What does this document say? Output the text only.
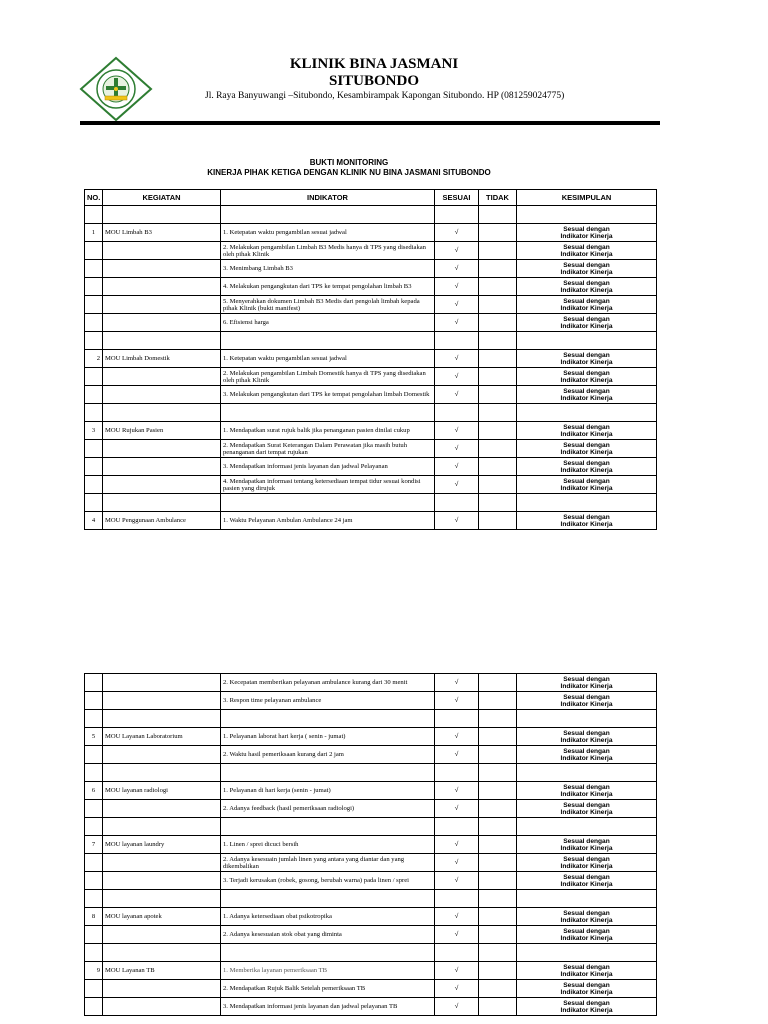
KLINIK BINA JASMANI
SITUBONDO
Jl. Raya Banyuwangi –Situbondo, Kesambirampak Kapongan Situbondo. HP (081259024775)
BUKTI MONITORING
KINERJA PIHAK KETIGA DENGAN KLINIK NU BINA JASMANI SITUBONDO
NO.	KEGIATAN	INDIKATOR	SESUAI	TIDAK	KESIMPULAN

1	MOU Limbah B3	1. Ketepatan waktu pengambilan sesuai jadwal	√		Sesual dengan
Indikator Kinerja

		2. Melakukan pengambilan Limbah B3 Medis hanya di TPS yang disediakan oleh pihak Klinik	√		Sesual dengan
Indikator Kinerja

		3. Menimbang Limbah B3	√		Sesual dengan
Indikator Kinerja

		4. Melakukan pengangkutan dari TPS ke tempat pengolahan limbah B3	√		Sesual dengan
Indikator Kinerja

		5. Menyerahkan dokumen Limbah B3 Medis dari pengolah limbah kepada pihak Klinik (bukti manifest)	√		Sesual dengan
Indikator Kinerja

		6. Efisiensi harga	√		Sesual dengan
Indikator Kinerja

2	MOU Limbah Domestik	1. Ketepatan waktu pengambilan sesuai jadwal	√		Sesual dengan
Indikator Kinerja

		2. Melakukan pengambilan Limbah Domestik hanya di TPS yang disediakan oleh pihak Klinik	√		Sesual dengan
Indikator Kinerja

		3. Melakukan pengangkutan dari TPS ke tempat pengolahan limbah Domestik	√		Sesual dengan
Indikator Kinerja

3	MOU Rujukan Pasien	1. Mendapatkan surat rujuk balik jika penanganan pasien dinilai cukup	√		Sesual dengan
Indikator Kinerja

		2. Mendapatkan Surat Keterangan Dalam Perawatan jika masih butuh penanganan dari tempat rujukan	√		Sesual dengan
Indikator Kinerja

		3. Mendapatkan informasi jenis layanan dan jadwal Pelayanan	√		Sesual dengan
Indikator Kinerja

		4. Mendapatkan informasi tentang ketersediaan tempat tidur sesuai kondisi pasien yang dirujuk	√		Sesual dengan
Indikator Kinerja

4	MOU Penggunaan Ambulance	1. Waktu Pelayanan Ambulan Ambulance 24 jam	√		Sesual dengan
Indikator Kinerja
		2. Kecepatan memberikan pelayanan ambulance kurang dari 30 menit	√		Sesual dengan
Indikator Kinerja

		3. Respon time pelayanan ambulance	√		Sesual dengan
Indikator Kinerja

5	MOU Layanan Laboratorium	1. Pelayanan laborat hari kerja ( senin - jumat)	√		Sesual dengan
Indikator Kinerja

		2. Waktu hasil pemeriksaan kurang dari 2 jam	√		Sesual dengan
Indikator Kinerja

6	MOU layanan radiologi	1. Pelayanan di hari kerja (senin - jumat)	√		Sesual dengan
Indikator Kinerja

		2. Adanya feedback (hasil pemeriksaan radiologi)	√		Sesual dengan
Indikator Kinerja

7	MOU layanan laundry	1. Linen / sprei dicuci bersih	√		Sesual dengan
Indikator Kinerja

		2. Adanya kesesuain jumlah linen yang antara yang diantar dan yang dikembalikan	√		Sesual dengan
Indikator Kinerja

		3. Terjadi kerusakan (robek, gosong, berubah warna) pada linen / sprei	√		Sesual dengan
Indikator Kinerja

8	MOU layanan apotek	1. Adanya ketersediaan obat psikotropika	√		Sesual dengan
Indikator Kinerja

		2. Adanya kesesuaian stok obat yang diminta	√		Sesual dengan
Indikator Kinerja

9	MOU Layanan TB	1. Memberika layanan pemeriksaan TB	√		Sesual dengan
Indikator Kinerja

		2. Mendapatkan Rujuk Balik Setelah pemeriksaan TB	√		Sesual dengan
Indikator Kinerja

		3. Mendapatkan informasi jenis layanan dan jadwal pelayanan TB	√		Sesual dengan
Indikator Kinerja
